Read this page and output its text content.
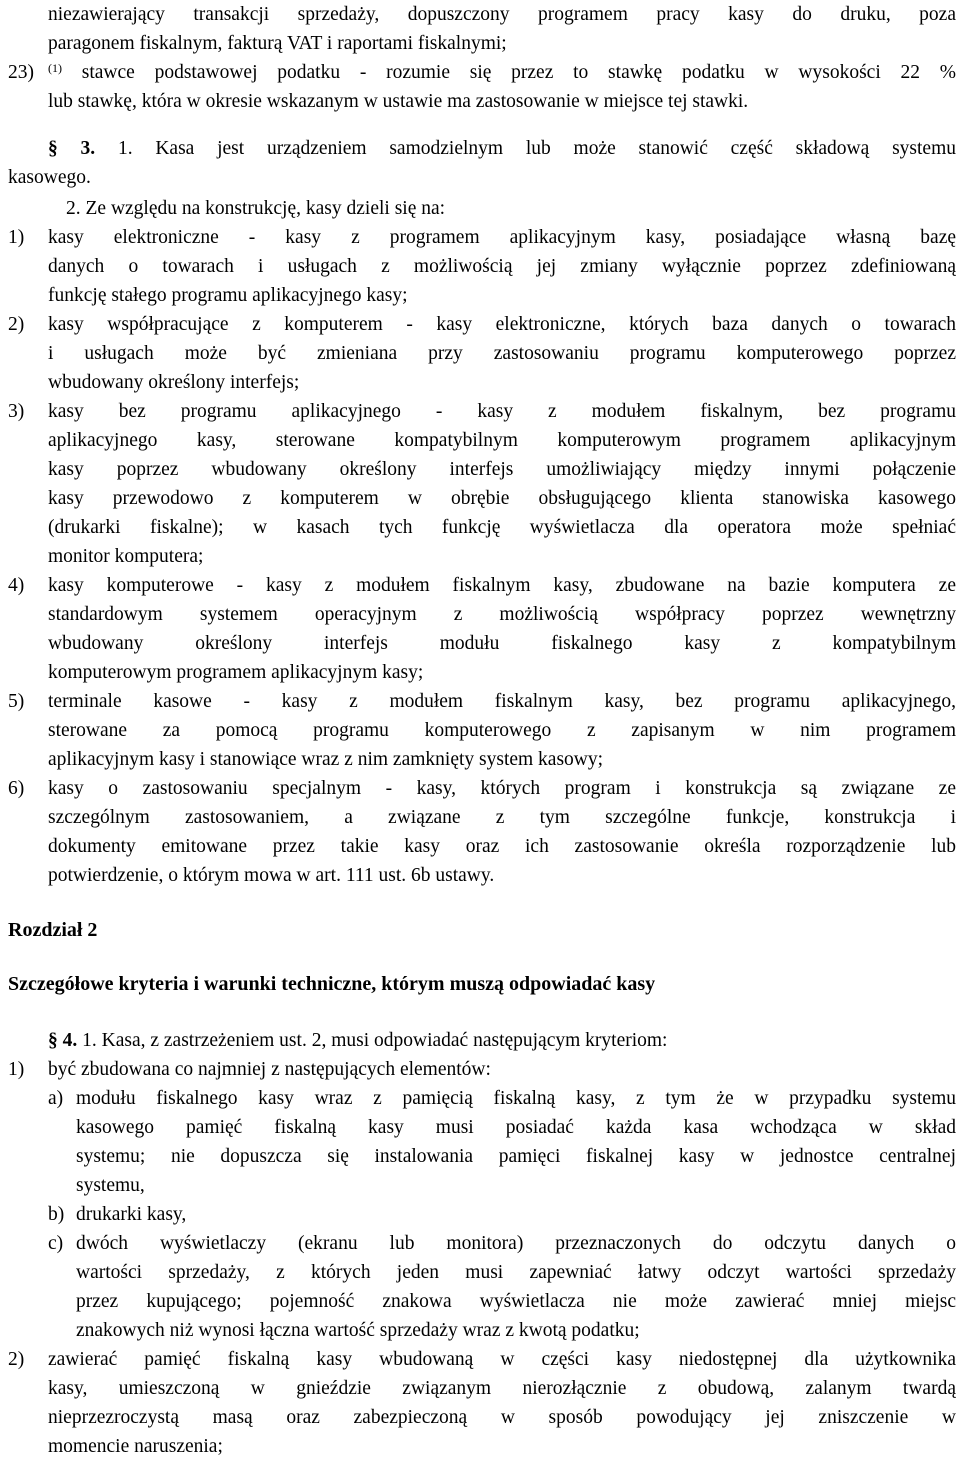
niezawierający transakcji sprzedaży, dopuszczony programem pracy kasy do druku, poza
paragonem fiskalnym, fakturą VAT i raportami fiskalnymi;
23)	$^{(1)}$ stawce podstawowej podatku - rozumie się przez to stawkę podatku w wysokości 22 %
lub stawkę, która w okresie wskazanym w ustawie ma zastosowanie w miejsce tej stawki.
§ 3. 1. Kasa jest urządzeniem samodzielnym lub może stanowić część składową systemu
kasowego.
2. Ze względu na konstrukcję, kasy dzieli się na:
1)	kasy elektroniczne - kasy z programem aplikacyjnym kasy, posiadające własną bazę
danych o towarach i usługach z możliwością jej zmiany wyłącznie poprzez zdefiniowaną
funkcję stałego programu aplikacyjnego kasy;
2)	kasy współpracujące z komputerem - kasy elektroniczne, których baza danych o towarach
i usługach może być zmieniana przy zastosowaniu programu komputerowego poprzez
wbudowany określony interfejs;
3)	kasy bez programu aplikacyjnego - kasy z modułem fiskalnym, bez programu
aplikacyjnego kasy, sterowane kompatybilnym komputerowym programem aplikacyjnym
kasy poprzez wbudowany określony interfejs umożliwiający między innymi połączenie
kasy przewodowo z komputerem w obrębie obsługującego klienta stanowiska kasowego
(drukarki fiskalne); w kasach tych funkcję wyświetlacza dla operatora może spełniać
monitor komputera;
4)	kasy komputerowe - kasy z modułem fiskalnym kasy, zbudowane na bazie komputera ze
standardowym systemem operacyjnym z możliwością współpracy poprzez wewnętrzny
wbudowany określony interfejs modułu fiskalnego kasy z kompatybilnym
komputerowym programem aplikacyjnym kasy;
5)	terminale kasowe - kasy z modułem fiskalnym kasy, bez programu aplikacyjnego,
sterowane za pomocą programu komputerowego z zapisanym w nim programem
aplikacyjnym kasy i stanowiące wraz z nim zamknięty system kasowy;
6)	kasy o zastosowaniu specjalnym - kasy, których program i konstrukcja są związane ze
szczególnym zastosowaniem, a związane z tym szczególne funkcje, konstrukcja i
dokumenty emitowane przez takie kasy oraz ich zastosowanie określa rozporządzenie lub
potwierdzenie, o którym mowa w art. 111 ust. 6b ustawy.
Rozdział 2
Szczegółowe kryteria i warunki techniczne, którym muszą odpowiadać kasy
§ 4. 1. Kasa, z zastrzeżeniem ust. 2, musi odpowiadać następującym kryteriom:
1)	być zbudowana co najmniej z następujących elementów:
a) modułu fiskalnego kasy wraz z pamięcią fiskalną kasy, z tym że w przypadku systemu
kasowego pamięć fiskalną kasy musi posiadać każda kasa wchodząca w skład
systemu; nie dopuszcza się instalowania pamięci fiskalnej kasy w jednostce centralnej
systemu,
b) drukarki kasy,
c) dwóch wyświetlaczy (ekranu lub monitora) przeznaczonych do odczytu danych o
wartości sprzedaży, z których jeden musi zapewniać łatwy odczyt wartości sprzedaży
przez kupującego; pojemność znakowa wyświetlacza nie może zawierać mniej miejsc
znakowych niż wynosi łączna wartość sprzedaży wraz z kwotą podatku;
2)	zawierać pamięć fiskalną kasy wbudowaną w części kasy niedostępnej dla użytkownika
kasy, umieszczoną w gnieździe związanym nierozłącznie z obudową, zalanym twardą
nieprzezroczystą masą oraz zabezpieczoną w sposób powodujący jej zniszczenie w
momencie naruszenia;
